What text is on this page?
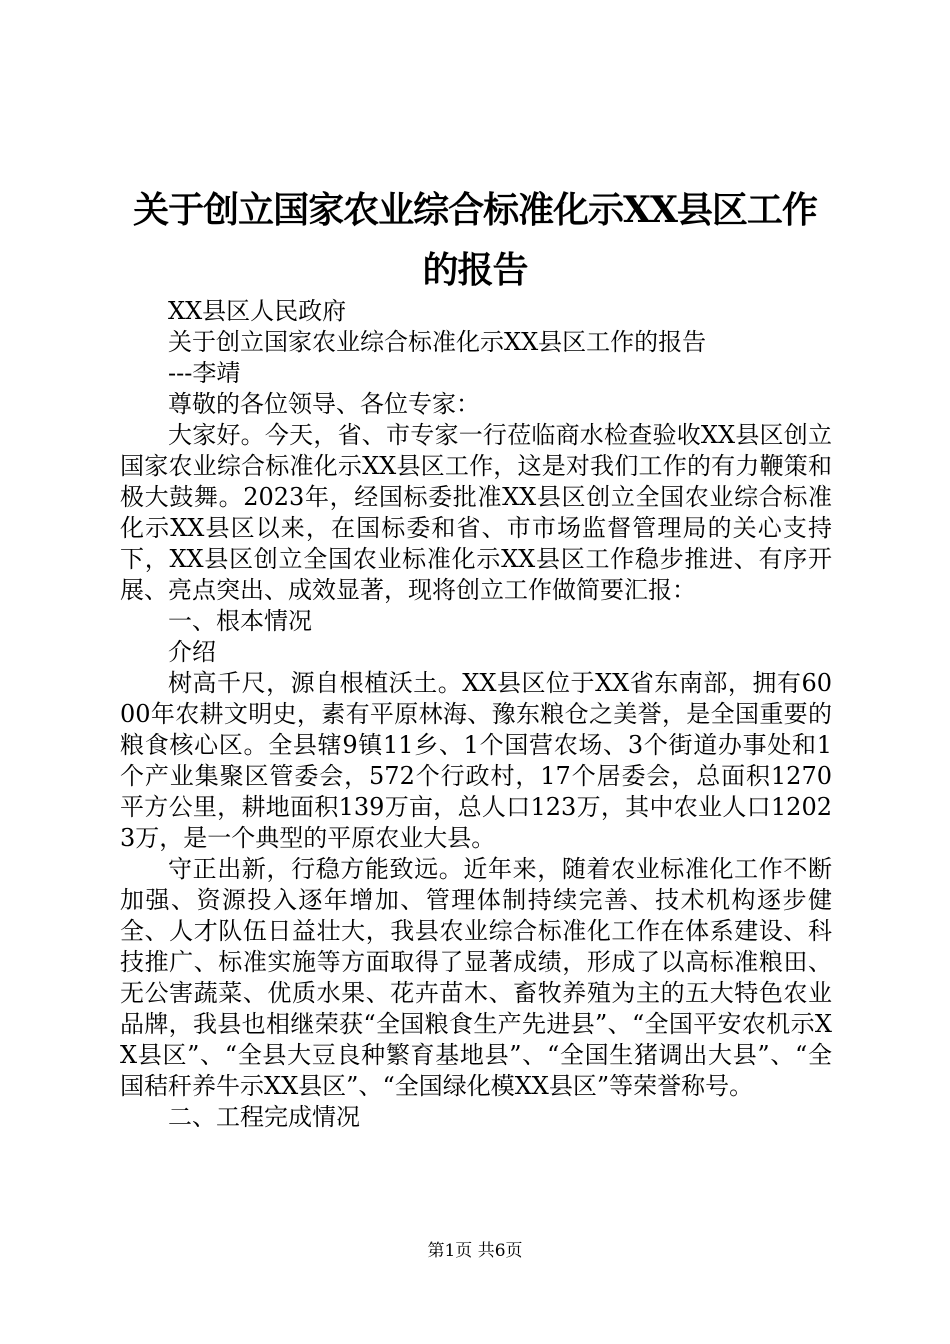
关于创立国家农业综合标准化示XX县区工作的报告

XX县区人民政府

关于创立国家农业综合标准化示XX县区工作的报告

---李靖

尊敬的各位领导、各位专家：

大家好。今天，省、市专家一行莅临商水检查验收XX县区创立国家农业综合标准化示XX县区工作，这是对我们工作的有力鞭策和极大鼓舞。2023年，经国标委批准XX县区创立全国农业综合标准化示XX县区以来，在国标委和省、市市场监督管理局的关心支持下，XX县区创立全国农业标准化示XX县区工作稳步推进、有序开展、亮点突出、成效显著，现将创立工作做简要汇报：

一、根本情况

介绍

树高千尺，源自根植沃土。XX县区位于XX省东南部，拥有6000年农耕文明史，素有平原林海、豫东粮仓之美誉，是全国重要的粮食核心区。全县辖9镇11乡、1个国营农场、3个街道办事处和1个产业集聚区管委会，572个行政村，17个居委会，总面积1270平方公里，耕地面积139万亩，总人口123万，其中农业人口12023万，是一个典型的平原农业大县。

守正出新，行稳方能致远。近年来，随着农业标准化工作不断加强、资源投入逐年增加、管理体制持续完善、技术机构逐步健全、人才队伍日益壮大，我县农业综合标准化工作在体系建设、科技推广、标准实施等方面取得了显著成绩，形成了以高标准粮田、无公害蔬菜、优质水果、花卉苗木、畜牧养殖为主的五大特色农业品牌，我县也相继荣获“全国粮食生产先进县”、“全国平安农机示XX县区”、“全县大豆良种繁育基地县”、“全国生猪调出大县”、“全国秸秆养牛示XX县区”、“全国绿化模XX县区”等荣誉称号。

二、工程完成情况

第1页 共6页
